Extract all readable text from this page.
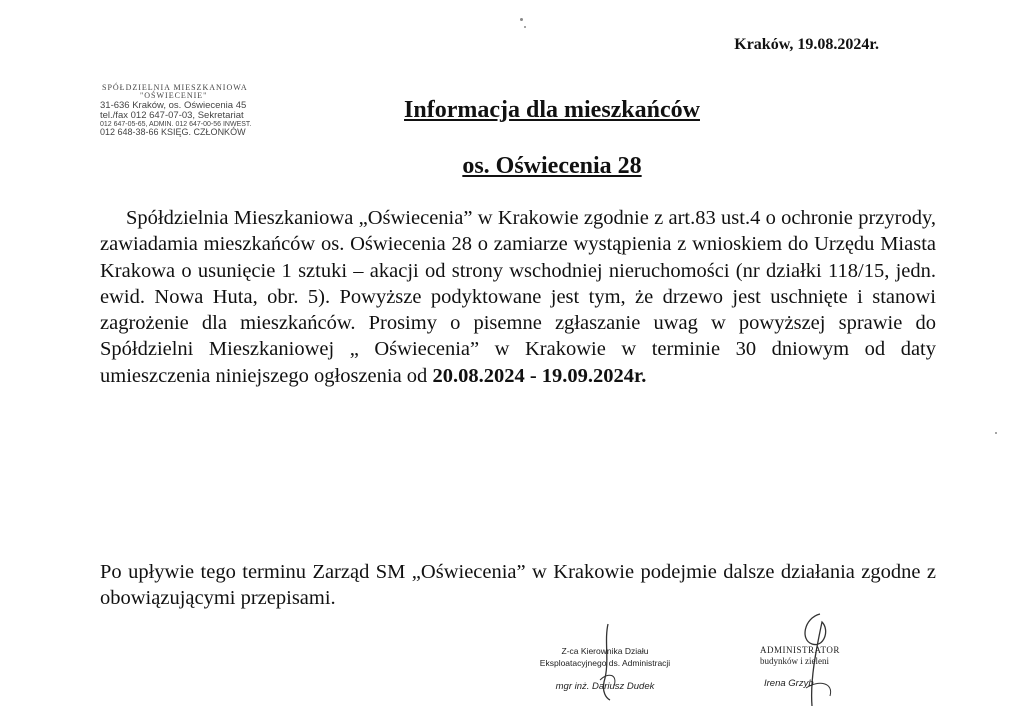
Kraków, 19.08.2024r.
SPÓŁDZIELNIA MIESZKANIOWA
"OŚWIECENIE"
31-636 Kraków, os. Oświecenia 45
tel./fax 012 647-07-03, Sekretariat
012 647-05-65, ADMIN. 012 647-00-56 INWEST.
012 648-38-66 KSIĘG. CZŁONKÓW
Informacja dla mieszkańców
os. Oświecenia 28
Spółdzielnia Mieszkaniowa „Oświecenia” w Krakowie zgodnie z art.83 ust.4 o ochronie przyrody, zawiadamia mieszkańców os. Oświecenia 28 o zamiarze wystąpienia z wnioskiem do Urzędu Miasta Krakowa o usunięcie 1 sztuki – akacji od strony wschodniej nieruchomości (nr działki 118/15, jedn. ewid. Nowa Huta, obr. 5). Powyższe podyktowane jest tym, że drzewo jest uschnięte i stanowi zagrożenie dla mieszkańców. Prosimy o pisemne zgłaszanie uwag w powyższej sprawie do Spółdzielni Mieszkaniowej „ Oświecenia” w Krakowie w terminie 30 dniowym od daty umieszczenia niniejszego ogłoszenia od 20.08.2024 - 19.09.2024r.
Po upływie tego terminu Zarząd SM „Oświecenia” w Krakowie podejmie dalsze działania zgodne z obowiązującymi przepisami.
Z-ca Kierownika Działu
Eksploatacyjnego ds. Administracji
mgr inż. Dariusz Dudek
ADMINISTRATOR
budynków i zieleni
Irena Grzyb
